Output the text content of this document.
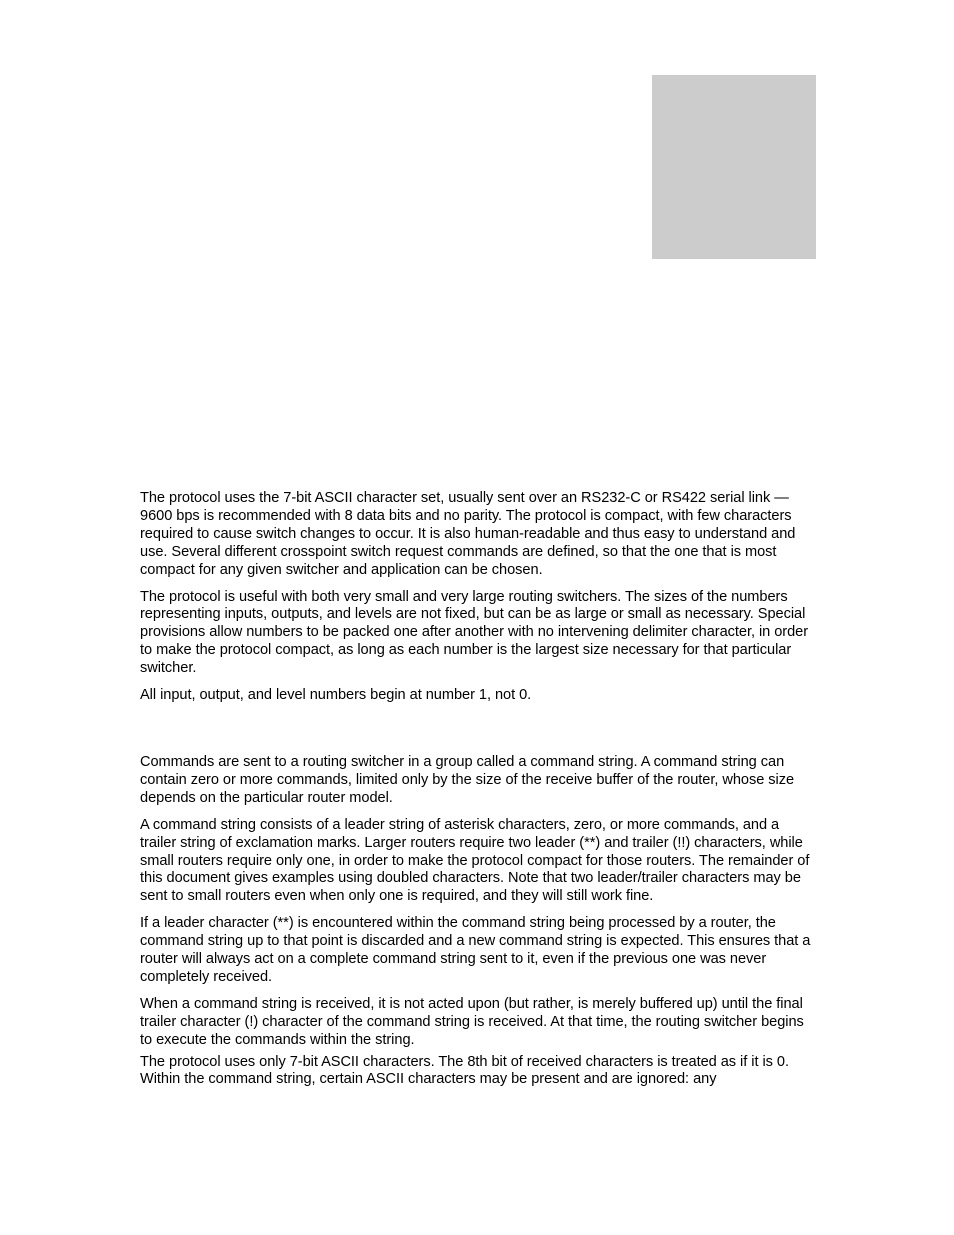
The protocol uses the 7-bit ASCII character set, usually sent over an RS232-C or RS422 serial link — 9600 bps is recommended with 8 data bits and no parity. The protocol is compact, with few characters required to cause switch changes to occur. It is also human-readable and thus easy to understand and use. Several different crosspoint switch request commands are defined, so that the one that is most compact for any given switcher and application can be chosen.

The protocol is useful with both very small and very large routing switchers. The sizes of the numbers representing inputs, outputs, and levels are not fixed, but can be as large or small as necessary. Special provisions allow numbers to be packed one after another with no intervening delimiter character, in order to make the protocol compact, as long as each number is the largest size necessary for that particular switcher.

All input, output, and level numbers begin at number 1, not 0.

Commands are sent to a routing switcher in a group called a command string. A command string can contain zero or more commands, limited only by the size of the receive buffer of the router, whose size depends on the particular router model.

A command string consists of a leader string of asterisk characters, zero, or more commands, and a trailer string of exclamation marks. Larger routers require two leader (**) and trailer (!!) characters, while small routers require only one, in order to make the protocol compact for those routers. The remainder of this document gives examples using doubled characters. Note that two leader/trailer characters may be sent to small routers even when only one is required, and they will still work fine.

If a leader character (**) is encountered within the command string being processed by a router, the command string up to that point is discarded and a new command string is expected. This ensures that a router will always act on a complete command string sent to it, even if the previous one was never completely received.

When a command string is received, it is not acted upon (but rather, is merely buffered up) until the final trailer character (!) character of the command string is received. At that time, the routing switcher begins to execute the commands within the string.

The protocol uses only 7-bit ASCII characters. The 8th bit of received characters is treated as if it is 0. Within the command string, certain ASCII characters may be present and are ignored: any
